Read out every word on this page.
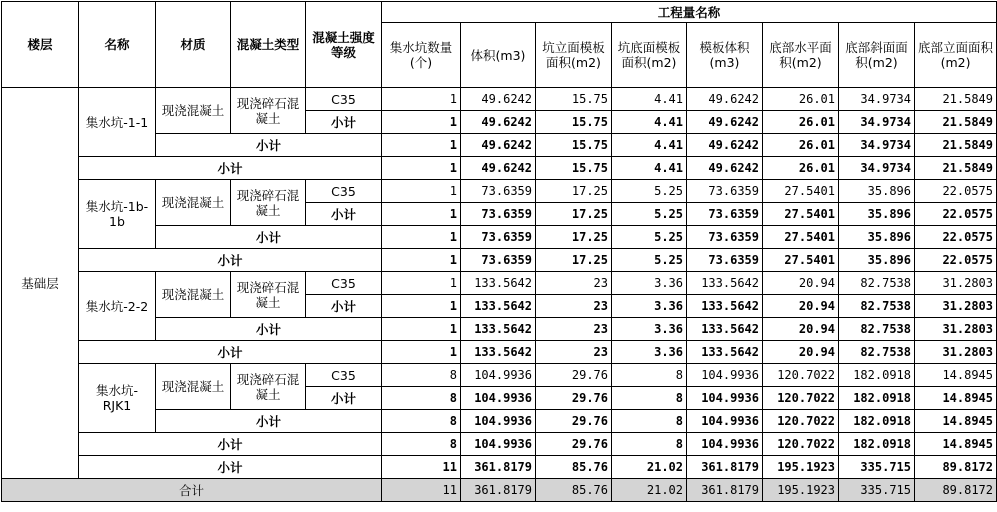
楼层	名称	材质	混凝土类型	混凝土强度等级	工程量名称							
					集水坑数量(个)	体积(m3)	坑立面模板面积(m2)	坑底面模板面积(m2)	模板体积(m3)	底部水平面积(m2)	底部斜面面积(m2)	底部立面面积(m2)
基础层	集水坑-1-1	现浇混凝土	现浇碎石混凝土	C35	1	49.6242	15.75	4.41	49.6242	26.01	34.9734	21.5849
				小计	1	49.6242	15.75	4.41	49.6242	26.01	34.9734	21.5849
		小计			1	49.6242	15.75	4.41	49.6242	26.01	34.9734	21.5849
	小计				1	49.6242	15.75	4.41	49.6242	26.01	34.9734	21.5849
	集水坑-1b-1b	现浇混凝土	现浇碎石混凝土	C35	1	73.6359	17.25	5.25	73.6359	27.5401	35.896	22.0575
				小计	1	73.6359	17.25	5.25	73.6359	27.5401	35.896	22.0575
		小计			1	73.6359	17.25	5.25	73.6359	27.5401	35.896	22.0575
	小计				1	73.6359	17.25	5.25	73.6359	27.5401	35.896	22.0575
	集水坑-2-2	现浇混凝土	现浇碎石混凝土	C35	1	133.5642	23	3.36	133.5642	20.94	82.7538	31.2803
				小计	1	133.5642	23	3.36	133.5642	20.94	82.7538	31.2803
		小计			1	133.5642	23	3.36	133.5642	20.94	82.7538	31.2803
	小计				1	133.5642	23	3.36	133.5642	20.94	82.7538	31.2803
	集水坑-RJK1	现浇混凝土	现浇碎石混凝土	C35	8	104.9936	29.76	8	104.9936	120.7022	182.0918	14.8945
				小计	8	104.9936	29.76	8	104.9936	120.7022	182.0918	14.8945
		小计			8	104.9936	29.76	8	104.9936	120.7022	182.0918	14.8945
	小计				8	104.9936	29.76	8	104.9936	120.7022	182.0918	14.8945
	小计				11	361.8179	85.76	21.02	361.8179	195.1923	335.715	89.8172
合计					11	361.8179	85.76	21.02	361.8179	195.1923	335.715	89.8172
